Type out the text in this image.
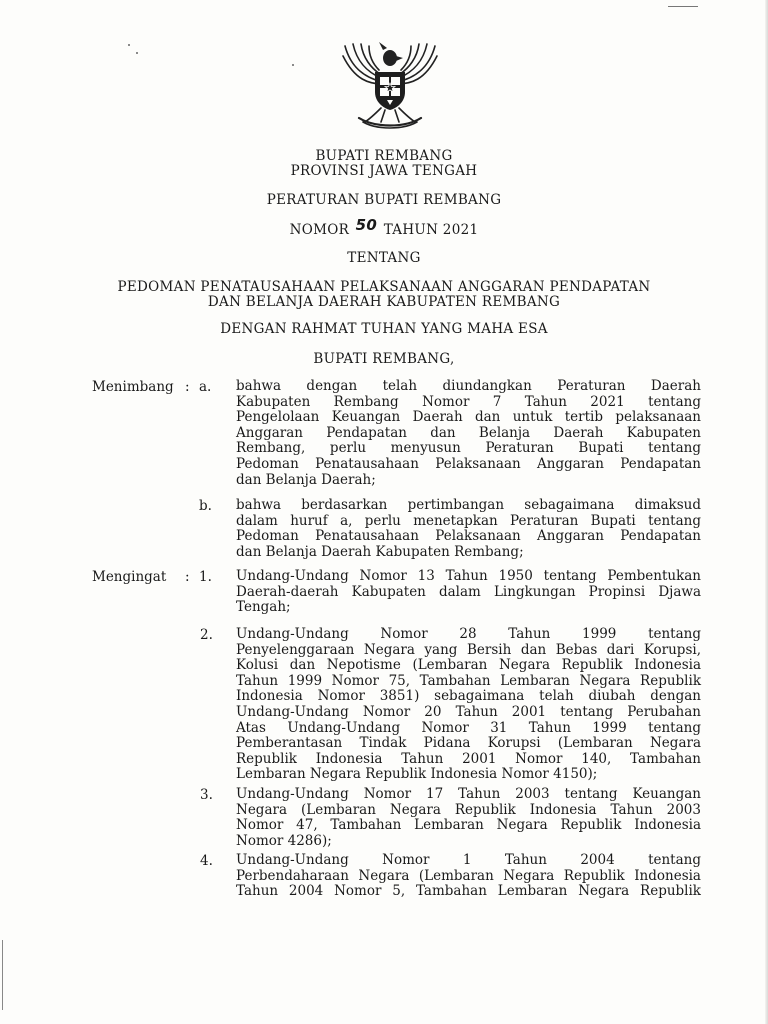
BUPATI REMBANG
PROVINSI JAWA TENGAH
PERATURAN BUPATI REMBANG
NOMOR 50 TAHUN 2021
TENTANG
PEDOMAN PENATAUSAHAAN PELAKSANAAN ANGGARAN PENDAPATAN
DAN BELANJA DAERAH KABUPATEN REMBANG
DENGAN RAHMAT TUHAN YANG MAHA ESA
BUPATI REMBANG,
Menimbang : a. bahwa dengan telah diundangkan Peraturan Daerah
Kabupaten Rembang Nomor 7 Tahun 2021 tentang
Pengelolaan Keuangan Daerah dan untuk tertib pelaksanaan
Anggaran Pendapatan dan Belanja Daerah Kabupaten
Rembang, perlu menyusun Peraturan Bupati tentang
Pedoman Penatausahaan Pelaksanaan Anggaran Pendapatan
dan Belanja Daerah;
b. bahwa berdasarkan pertimbangan sebagaimana dimaksud
dalam huruf a, perlu menetapkan Peraturan Bupati tentang
Pedoman Penatausahaan Pelaksanaan Anggaran Pendapatan
dan Belanja Daerah Kabupaten Rembang;
Mengingat : 1. Undang-Undang Nomor 13 Tahun 1950 tentang Pembentukan
Daerah-daerah Kabupaten dalam Lingkungan Propinsi Djawa
Tengah;
2. Undang-Undang Nomor 28 Tahun 1999 tentang
Penyelenggaraan Negara yang Bersih dan Bebas dari Korupsi,
Kolusi dan Nepotisme (Lembaran Negara Republik Indonesia
Tahun 1999 Nomor 75, Tambahan Lembaran Negara Republik
Indonesia Nomor 3851) sebagaimana telah diubah dengan
Undang-Undang Nomor 20 Tahun 2001 tentang Perubahan
Atas Undang-Undang Nomor 31 Tahun 1999 tentang
Pemberantasan Tindak Pidana Korupsi (Lembaran Negara
Republik Indonesia Tahun 2001 Nomor 140, Tambahan
Lembaran Negara Republik Indonesia Nomor 4150);
3. Undang-Undang Nomor 17 Tahun 2003 tentang Keuangan
Negara (Lembaran Negara Republik Indonesia Tahun 2003
Nomor 47, Tambahan Lembaran Negara Republik Indonesia
Nomor 4286);
4. Undang-Undang Nomor 1 Tahun 2004 tentang
Perbendaharaan Negara (Lembaran Negara Republik Indonesia
Tahun 2004 Nomor 5, Tambahan Lembaran Negara Republik
